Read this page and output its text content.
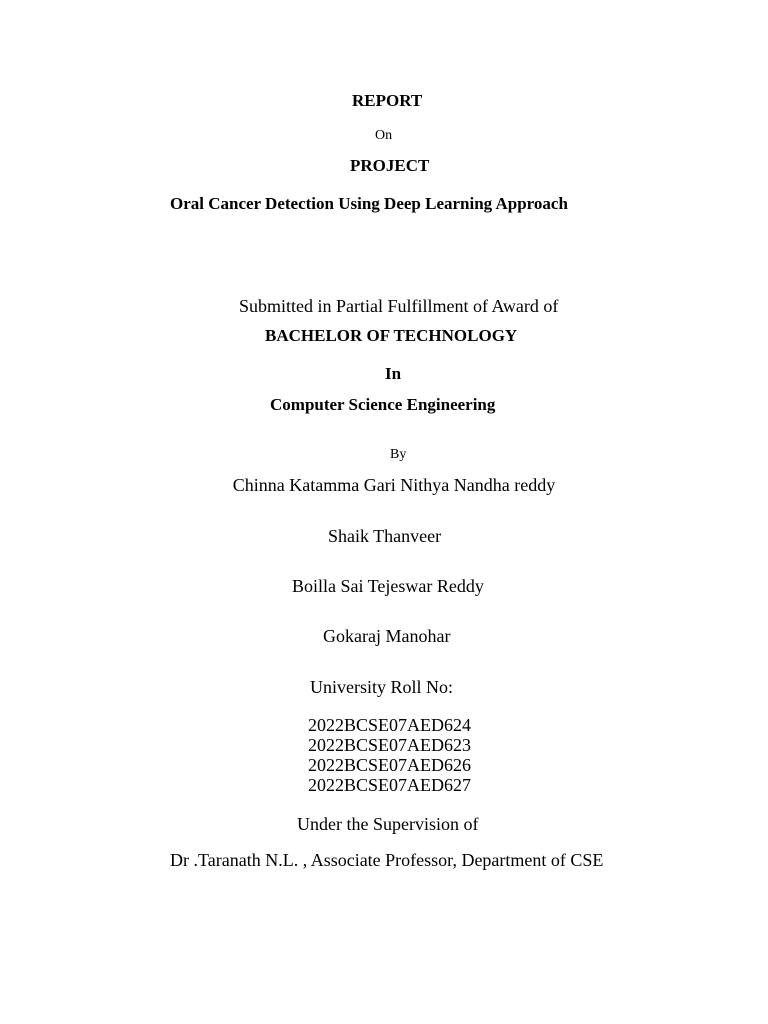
REPORT
On
PROJECT
Oral Cancer Detection Using Deep Learning Approach
Submitted in Partial Fulfillment of Award of
BACHELOR OF TECHNOLOGY
In
Computer Science Engineering
By
Chinna Katamma Gari Nithya Nandha reddy
Shaik Thanveer
Boilla Sai Tejeswar Reddy
Gokaraj Manohar
University Roll No:
2022BCSE07AED624
2022BCSE07AED623
2022BCSE07AED626
2022BCSE07AED627
Under the Supervision of
Dr .Taranath N.L. , Associate Professor, Department of CSE
